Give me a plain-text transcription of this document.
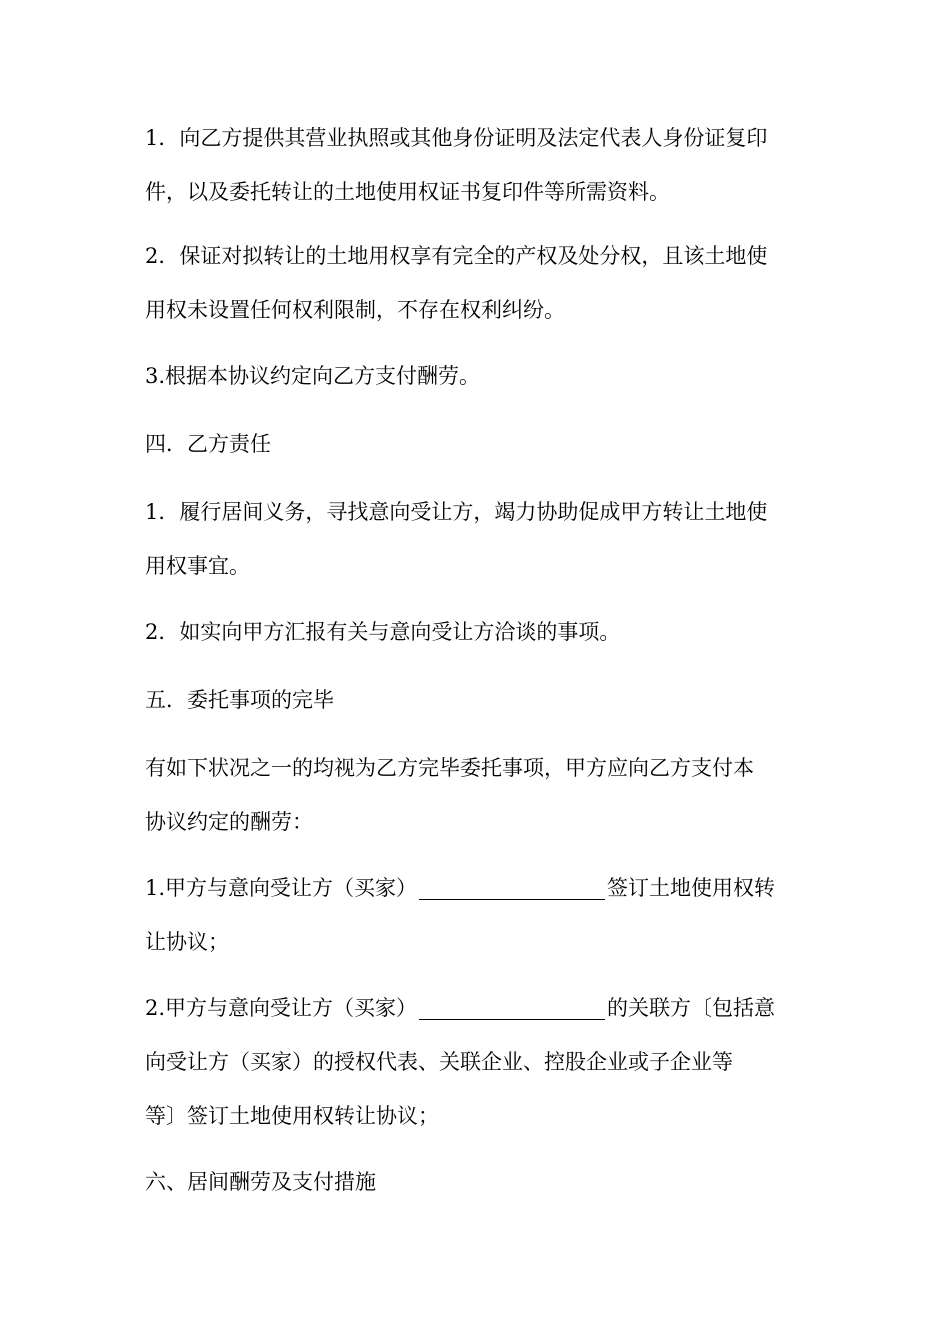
1．向乙方提供其营业执照或其他身份证明及法定代表人身份证复印
件，以及委托转让的土地使用权证书复印件等所需资料。
2．保证对拟转让的土地用权享有完全的产权及处分权，且该土地使
用权未设置任何权利限制，不存在权利纠纷。
3.根据本协议约定向乙方支付酬劳。
四．乙方责任
1．履行居间义务，寻找意向受让方，竭力协助促成甲方转让土地使
用权事宜。
2．如实向甲方汇报有关与意向受让方洽谈的事项。
五．委托事项的完毕
有如下状况之一的均视为乙方完毕委托事项，甲方应向乙方支付本
协议约定的酬劳：
1.甲方与意向受让方（买家）	签订土地使用权转
让协议；
2.甲方与意向受让方（买家）	的关联方〔包括意
向受让方（买家）的授权代表、关联企业、控股企业或子企业等
等〕签订土地使用权转让协议；
六、居间酬劳及支付措施
